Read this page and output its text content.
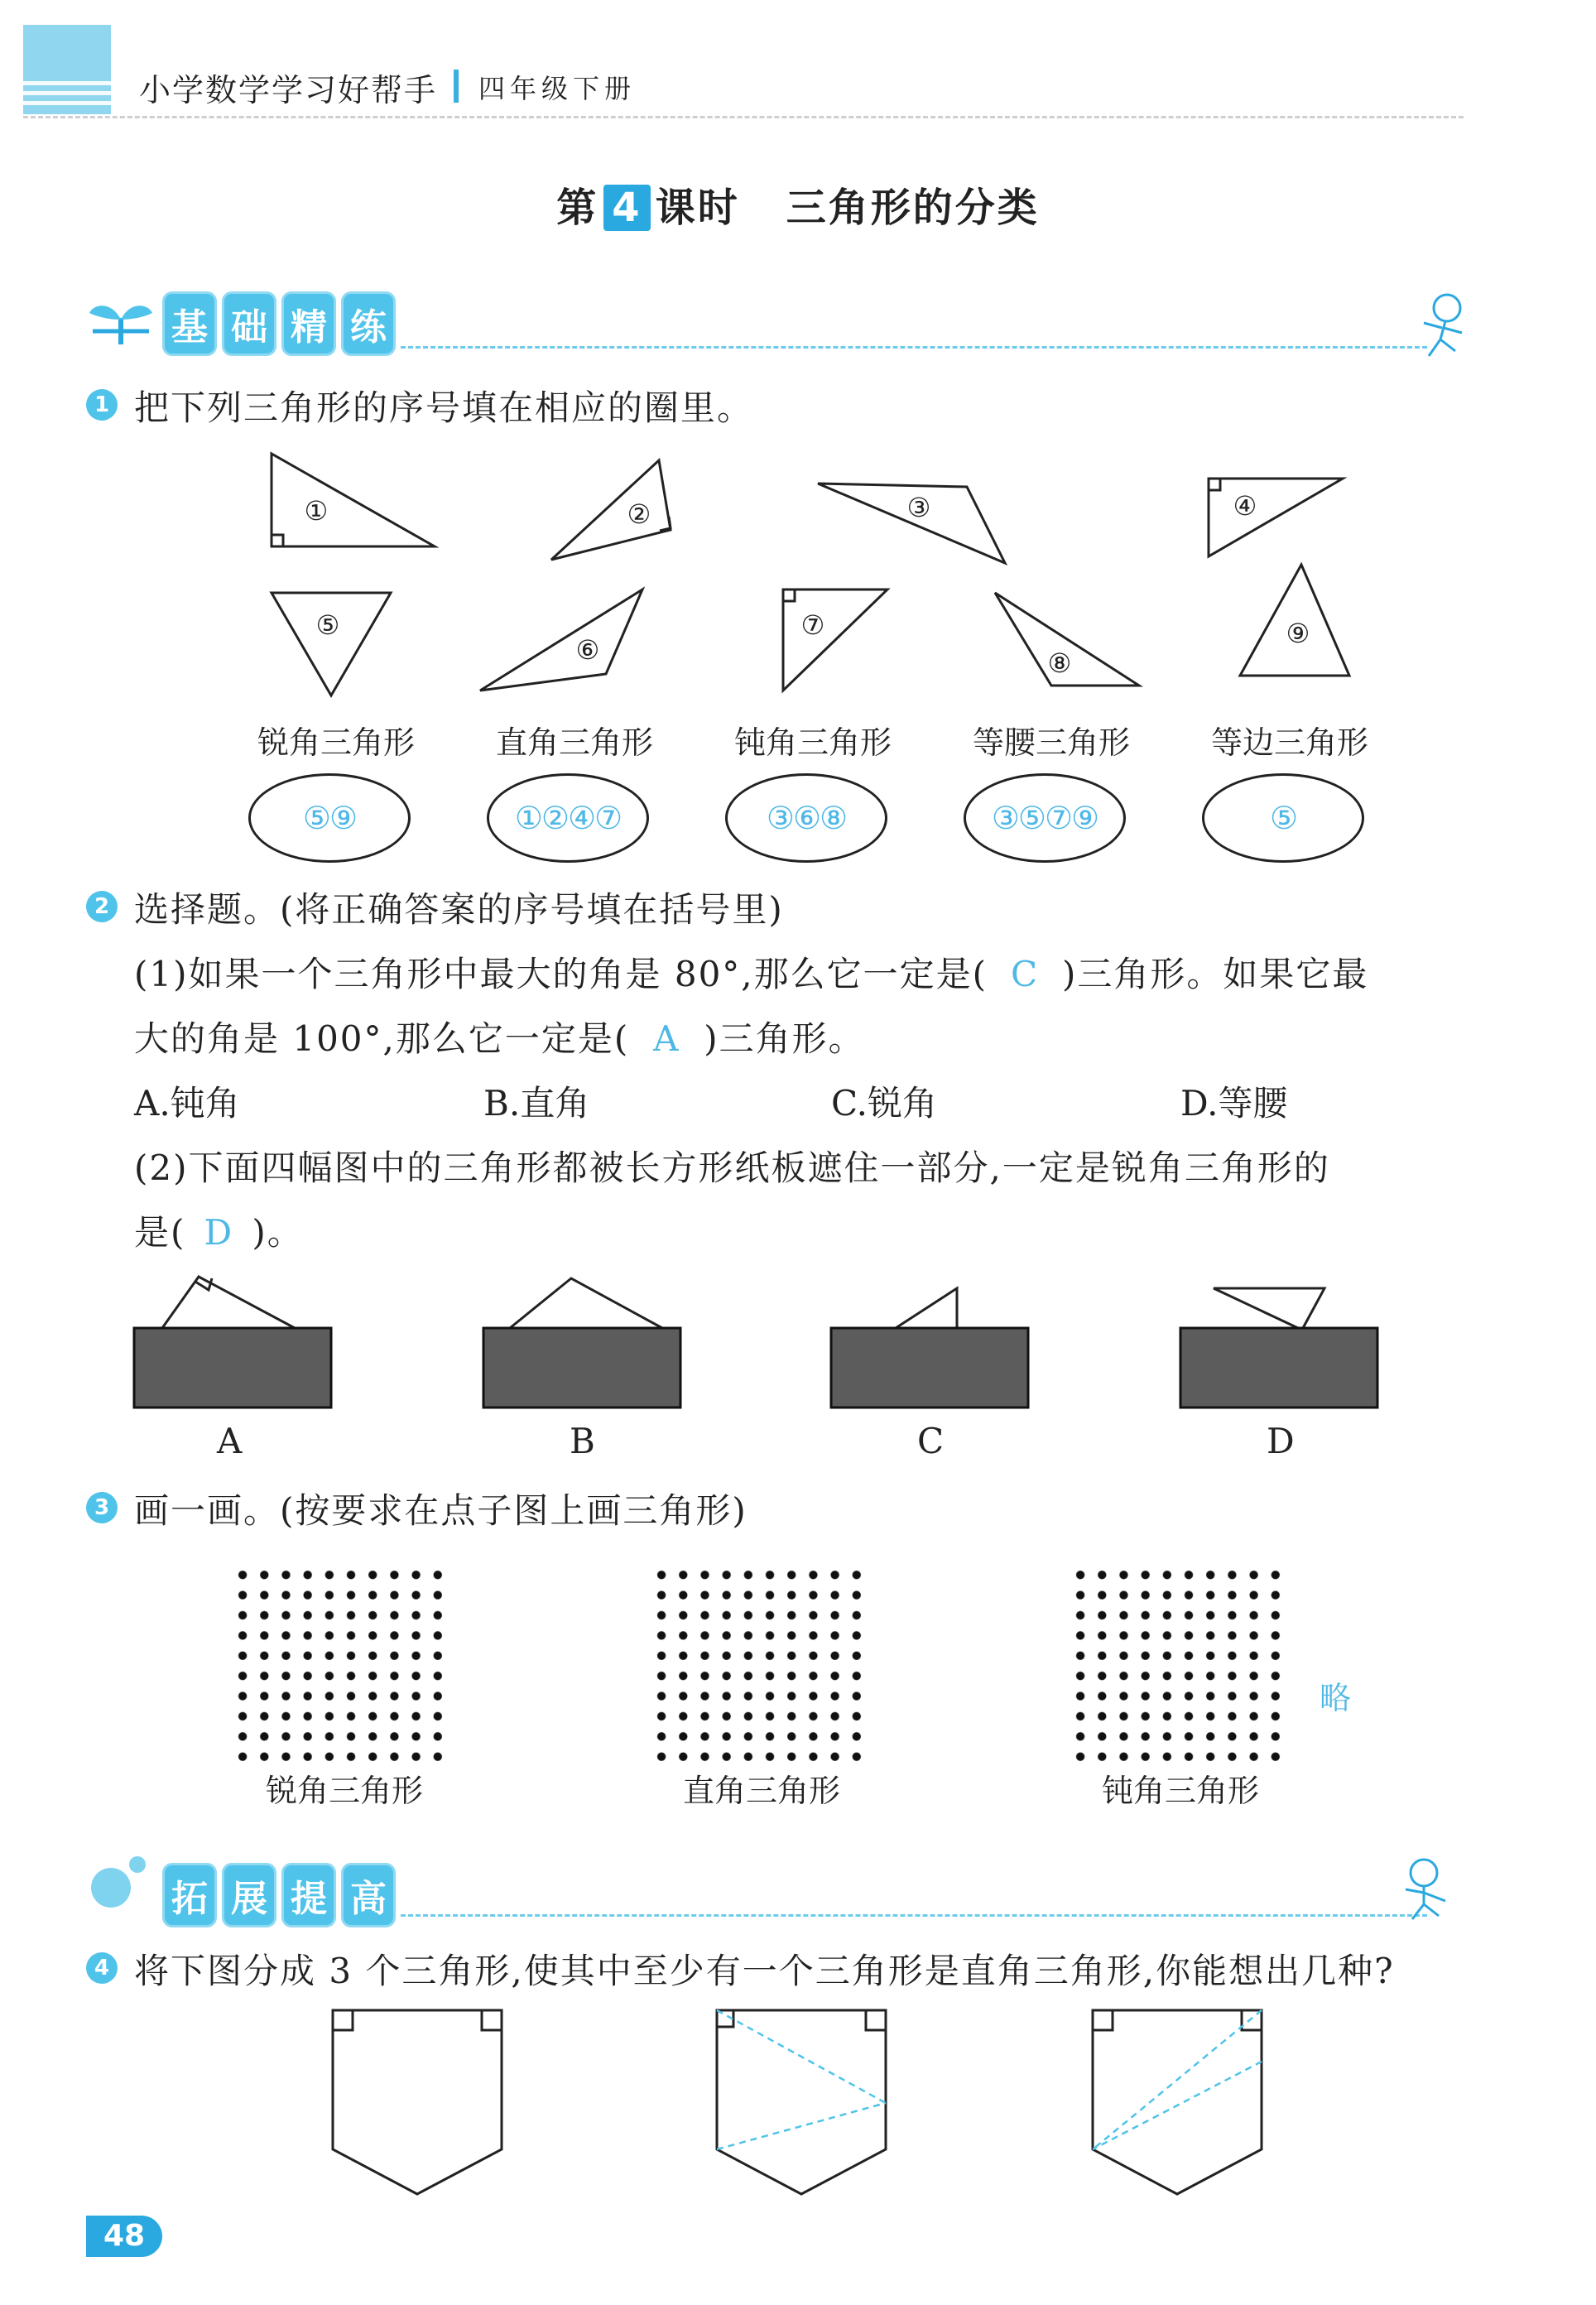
小学数学学习好帮手 四年级下册
第 4 课时 三角形的分类
基 础 精 练
1 把下列三角形的序号填在相应的圈里。
①	②	③	④
⑤
⑥
⑦
⑧
⑨
锐角三角形	直角三角形	钝角三角形	等腰三角形	等边三角形
⑤⑨	①②④⑦	③⑥⑧	③⑤⑦⑨	⑤
2 选择题。(将正确答案的序号填在括号里)
(1)如果一个三角形中最大的角是 80°,那么它一定是( C )三角形。如果它最
大的角是 100°,那么它一定是( A )三角形。
A.钝角	B.直角	C.锐角	D.等腰
(2)下面四幅图中的三角形都被长方形纸板遮住一部分,一定是锐角三角形的
是( D )。
A	B	C	D
3 画一画。(按要求在点子图上画三角形)
略
锐角三角形	直角三角形	钝角三角形
拓 展 提 高
4 将下图分成 3 个三角形,使其中至少有一个三角形是直角三角形,你能想出几种?
48
